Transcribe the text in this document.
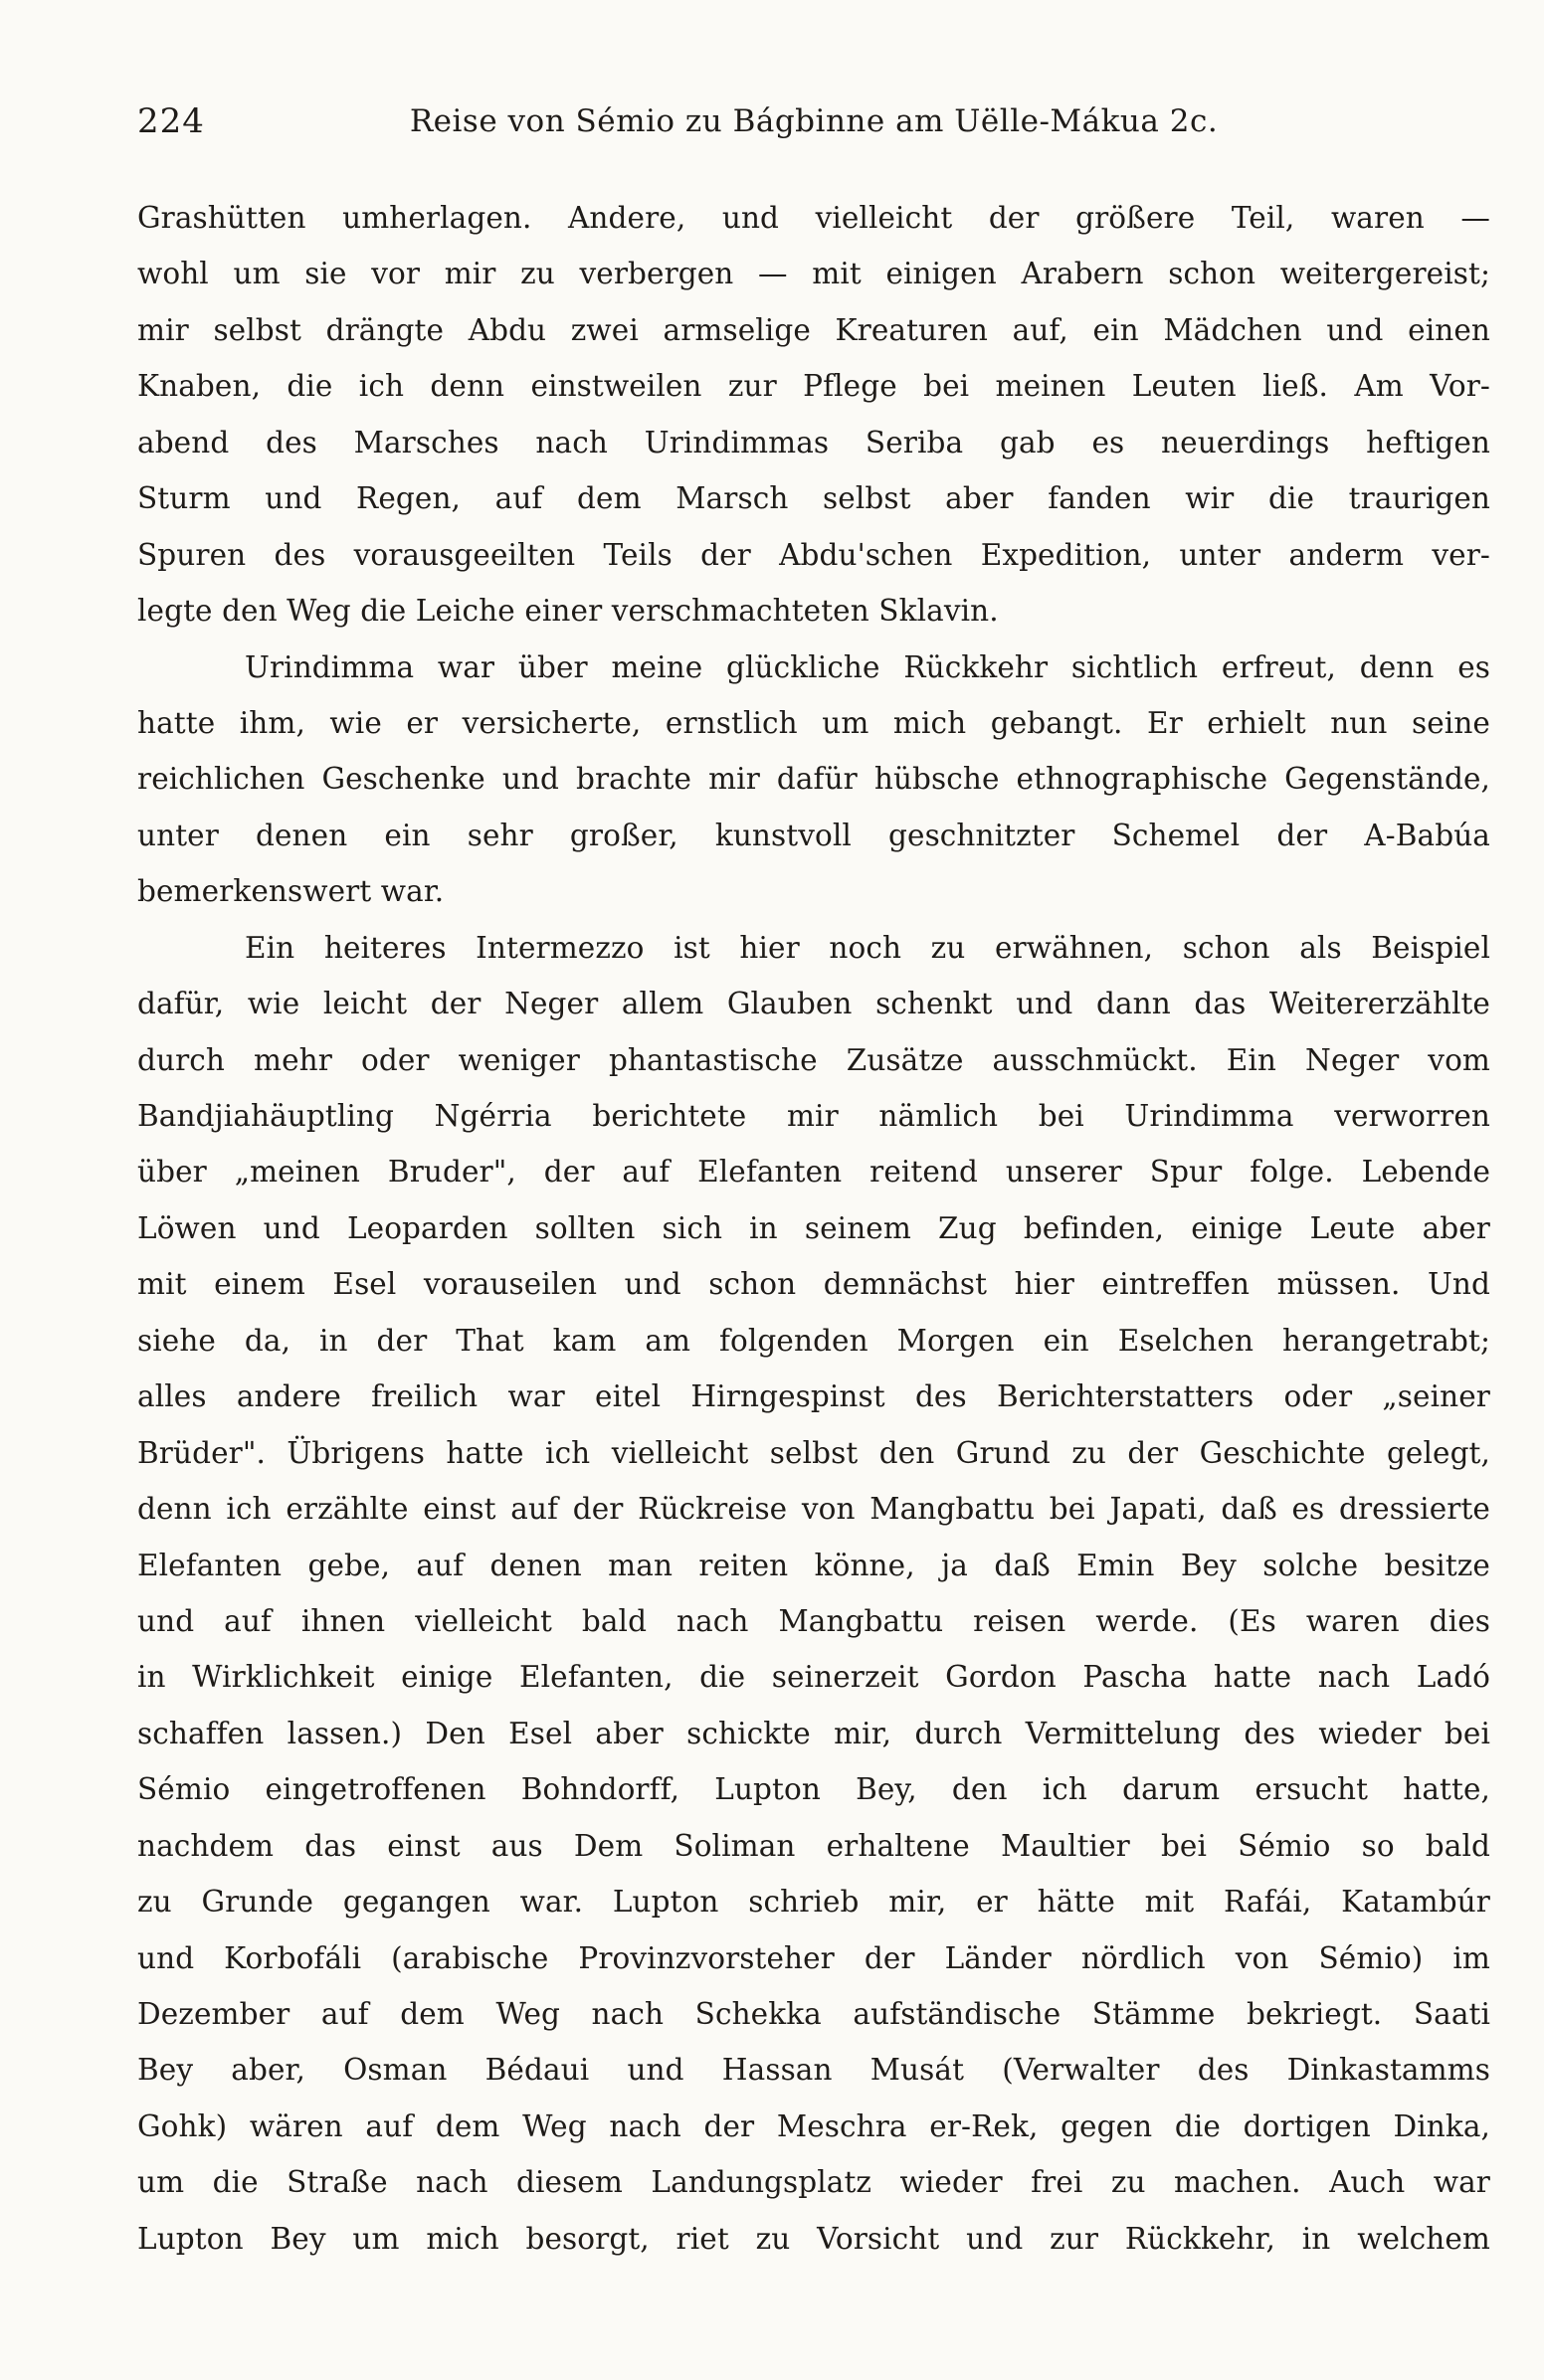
224	Reise von Sémio zu Bágbinne am Uëlle-Mákua 2c.
Grashütten umherlagen. Andere, und vielleicht der größere Teil, waren —
wohl um sie vor mir zu verbergen — mit einigen Arabern schon weitergereist;
mir selbst drängte Abdu zwei armselige Kreaturen auf, ein Mädchen und einen
Knaben, die ich denn einstweilen zur Pflege bei meinen Leuten ließ. Am Vor-
abend des Marsches nach Urindimmas Seriba gab es neuerdings heftigen
Sturm und Regen, auf dem Marsch selbst aber fanden wir die traurigen
Spuren des vorausgeeilten Teils der Abdu'schen Expedition, unter anderm ver-
legte den Weg die Leiche einer verschmachteten Sklavin.
Urindimma war über meine glückliche Rückkehr sichtlich erfreut, denn es
hatte ihm, wie er versicherte, ernstlich um mich gebangt. Er erhielt nun seine
reichlichen Geschenke und brachte mir dafür hübsche ethnographische Gegenstände,
unter denen ein sehr großer, kunstvoll geschnitzter Schemel der A-Babúa
bemerkenswert war.
Ein heiteres Intermezzo ist hier noch zu erwähnen, schon als Beispiel
dafür, wie leicht der Neger allem Glauben schenkt und dann das Weitererzählte
durch mehr oder weniger phantastische Zusätze ausschmückt. Ein Neger vom
Bandjiahäuptling Ngérria berichtete mir nämlich bei Urindimma verworren
über „meinen Bruder", der auf Elefanten reitend unserer Spur folge. Lebende
Löwen und Leoparden sollten sich in seinem Zug befinden, einige Leute aber
mit einem Esel vorauseilen und schon demnächst hier eintreffen müssen. Und
siehe da, in der That kam am folgenden Morgen ein Eselchen herangetrabt;
alles andere freilich war eitel Hirngespinst des Berichterstatters oder „seiner
Brüder". Übrigens hatte ich vielleicht selbst den Grund zu der Geschichte gelegt,
denn ich erzählte einst auf der Rückreise von Mangbattu bei Japati, daß es dressierte
Elefanten gebe, auf denen man reiten könne, ja daß Emin Bey solche besitze
und auf ihnen vielleicht bald nach Mangbattu reisen werde. (Es waren dies
in Wirklichkeit einige Elefanten, die seinerzeit Gordon Pascha hatte nach Ladó
schaffen lassen.) Den Esel aber schickte mir, durch Vermittelung des wieder bei
Sémio eingetroffenen Bohndorff, Lupton Bey, den ich darum ersucht hatte,
nachdem das einst aus Dem Soliman erhaltene Maultier bei Sémio so bald
zu Grunde gegangen war. Lupton schrieb mir, er hätte mit Rafái, Katambúr
und Korbofáli (arabische Provinzvorsteher der Länder nördlich von Sémio) im
Dezember auf dem Weg nach Schekka aufständische Stämme bekriegt. Saati
Bey aber, Osman Bédaui und Hassan Musát (Verwalter des Dinkastamms
Gohk) wären auf dem Weg nach der Meschra er-Rek, gegen die dortigen Dinka,
um die Straße nach diesem Landungsplatz wieder frei zu machen. Auch war
Lupton Bey um mich besorgt, riet zu Vorsicht und zur Rückkehr, in welchem
